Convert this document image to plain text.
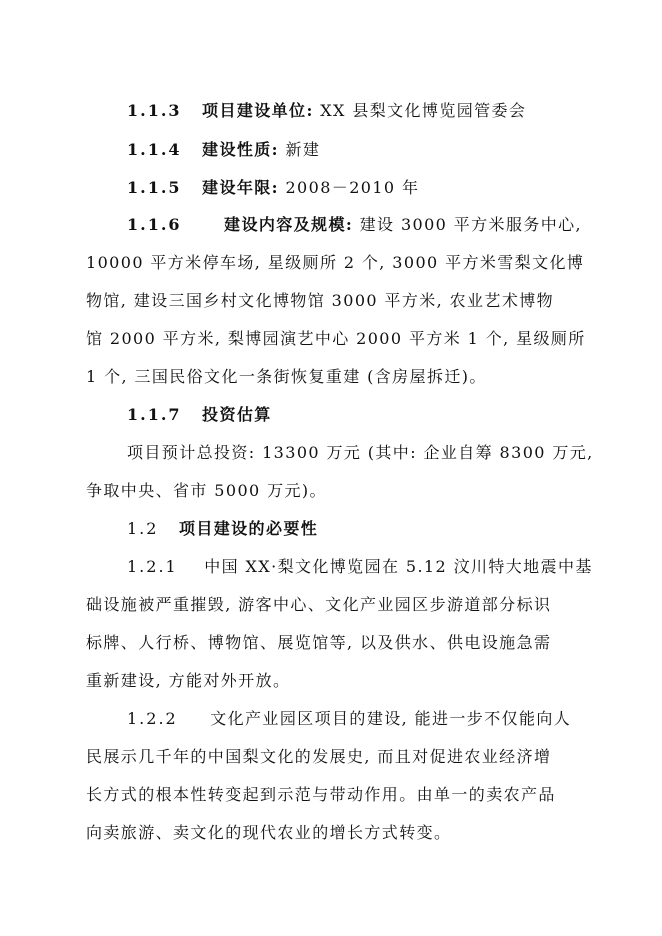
1.1.3 项目建设单位: XX 县梨文化博览园管委会
1.1.4 建设性质: 新建
1.1.5 建设年限: 2008－2010 年
1.1.6	建设内容及规模: 建设 3000 平方米服务中心,
10000 平方米停车场, 星级厕所 2 个, 3000 平方米雪梨文化博
物馆, 建设三国乡村文化博物馆 3000 平方米, 农业艺术博物
馆 2000 平方米, 梨博园演艺中心 2000 平方米 1 个, 星级厕所
1 个, 三国民俗文化一条街恢复重建 (含房屋拆迁)。
1.1.7 投资估算
项目预计总投资: 13300 万元 (其中: 企业自筹 8300 万元,
争取中央、省市 5000 万元)。
1.2 项目建设的必要性
1.2.1 中国 XX·梨文化博览园在 5.12 汶川特大地震中基
础设施被严重摧毁, 游客中心、文化产业园区步游道部分标识
标牌、人行桥、博物馆、展览馆等, 以及供水、供电设施急需
重新建设, 方能对外开放。
1.2.2 文化产业园区项目的建设, 能进一步不仅能向人
民展示几千年的中国梨文化的发展史, 而且对促进农业经济增
长方式的根本性转变起到示范与带动作用。由单一的卖农产品
向卖旅游、卖文化的现代农业的增长方式转变。
